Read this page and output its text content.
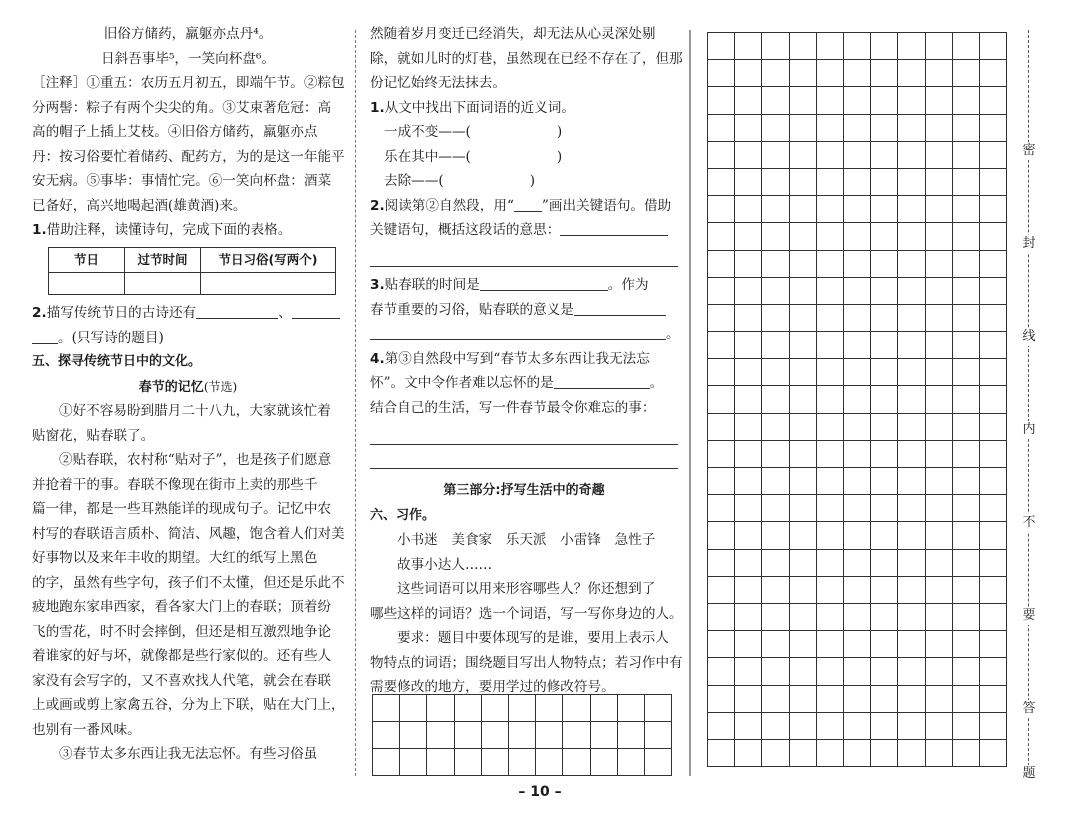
旧俗方储药，羸躯亦点丹⁴。
日斜吾事毕⁵，一笑向杯盘⁶。
［注释］①重五：农历五月初五，即端午节。②粽包
分两髻：粽子有两个尖尖的角。③艾束著危冠：高
高的帽子上插上艾枝。④旧俗方储药，羸躯亦点
丹：按习俗要忙着储药、配药方，为的是这一年能平
安无病。⑤事毕：事情忙完。⑥一笑向杯盘：酒菜
已备好，高兴地喝起酒(雄黄酒)来。
1.借助注释，读懂诗句，完成下面的表格。
节日	过节时间	节日习俗(写两个)

2.描写传统节日的古诗还有	、
。(只写诗的题目)
五、探寻传统节日中的文化。
春节的记忆(节选)
①好不容易盼到腊月二十八九，大家就该忙着
贴窗花，贴春联了。
②贴春联，农村称“贴对子”，也是孩子们愿意
并抢着干的事。春联不像现在街市上卖的那些千
篇一律，都是一些耳熟能详的现成句子。记忆中农
村写的春联语言质朴、简洁、风趣，饱含着人们对美
好事物以及来年丰收的期望。大红的纸写上黑色
的字，虽然有些字句，孩子们不太懂，但还是乐此不
疲地跑东家串西家，看各家大门上的春联；顶着纷
飞的雪花，时不时会摔倒，但还是相互激烈地争论
着谁家的好与坏，就像都是些行家似的。还有些人
家没有会写字的，又不喜欢找人代笔，就会在春联
上或画或剪上家禽五谷，分为上下联，贴在大门上，
也别有一番风味。
③春节太多东西让我无法忘怀。有些习俗虽
然随着岁月变迁已经消失，却无法从心灵深处剔
除，就如儿时的灯巷，虽然现在已经不存在了，但那
份记忆始终无法抹去。
1.从文中找出下面词语的近义词。
一成不变——(	)
乐在其中——(	)
去除——(	)
2.阅读第②自然段，用“ ”画出关键语句。借助
关键语句，概括这段话的意思：
3.贴春联的时间是	。作为
春节重要的习俗，贴春联的意义是
。
4.第③自然段中写到“春节太多东西让我无法忘
怀”。文中令作者难以忘怀的是	。
结合自己的生活，写一件春节最令你难忘的事：
第三部分:抒写生活中的奇趣
六、习作。
小书迷　美食家　乐天派　小雷锋　急性子
故事小达人……
这些词语可以用来形容哪些人？你还想到了
哪些这样的词语？选一个词语，写一写你身边的人。
要求：题目中要体现写的是谁，要用上表示人
物特点的词语；围绕题目写出人物特点；若习作中有
需要修改的地方，要用学过的修改符号。
密
封
线
内
不
要
答
题
– 10 –
